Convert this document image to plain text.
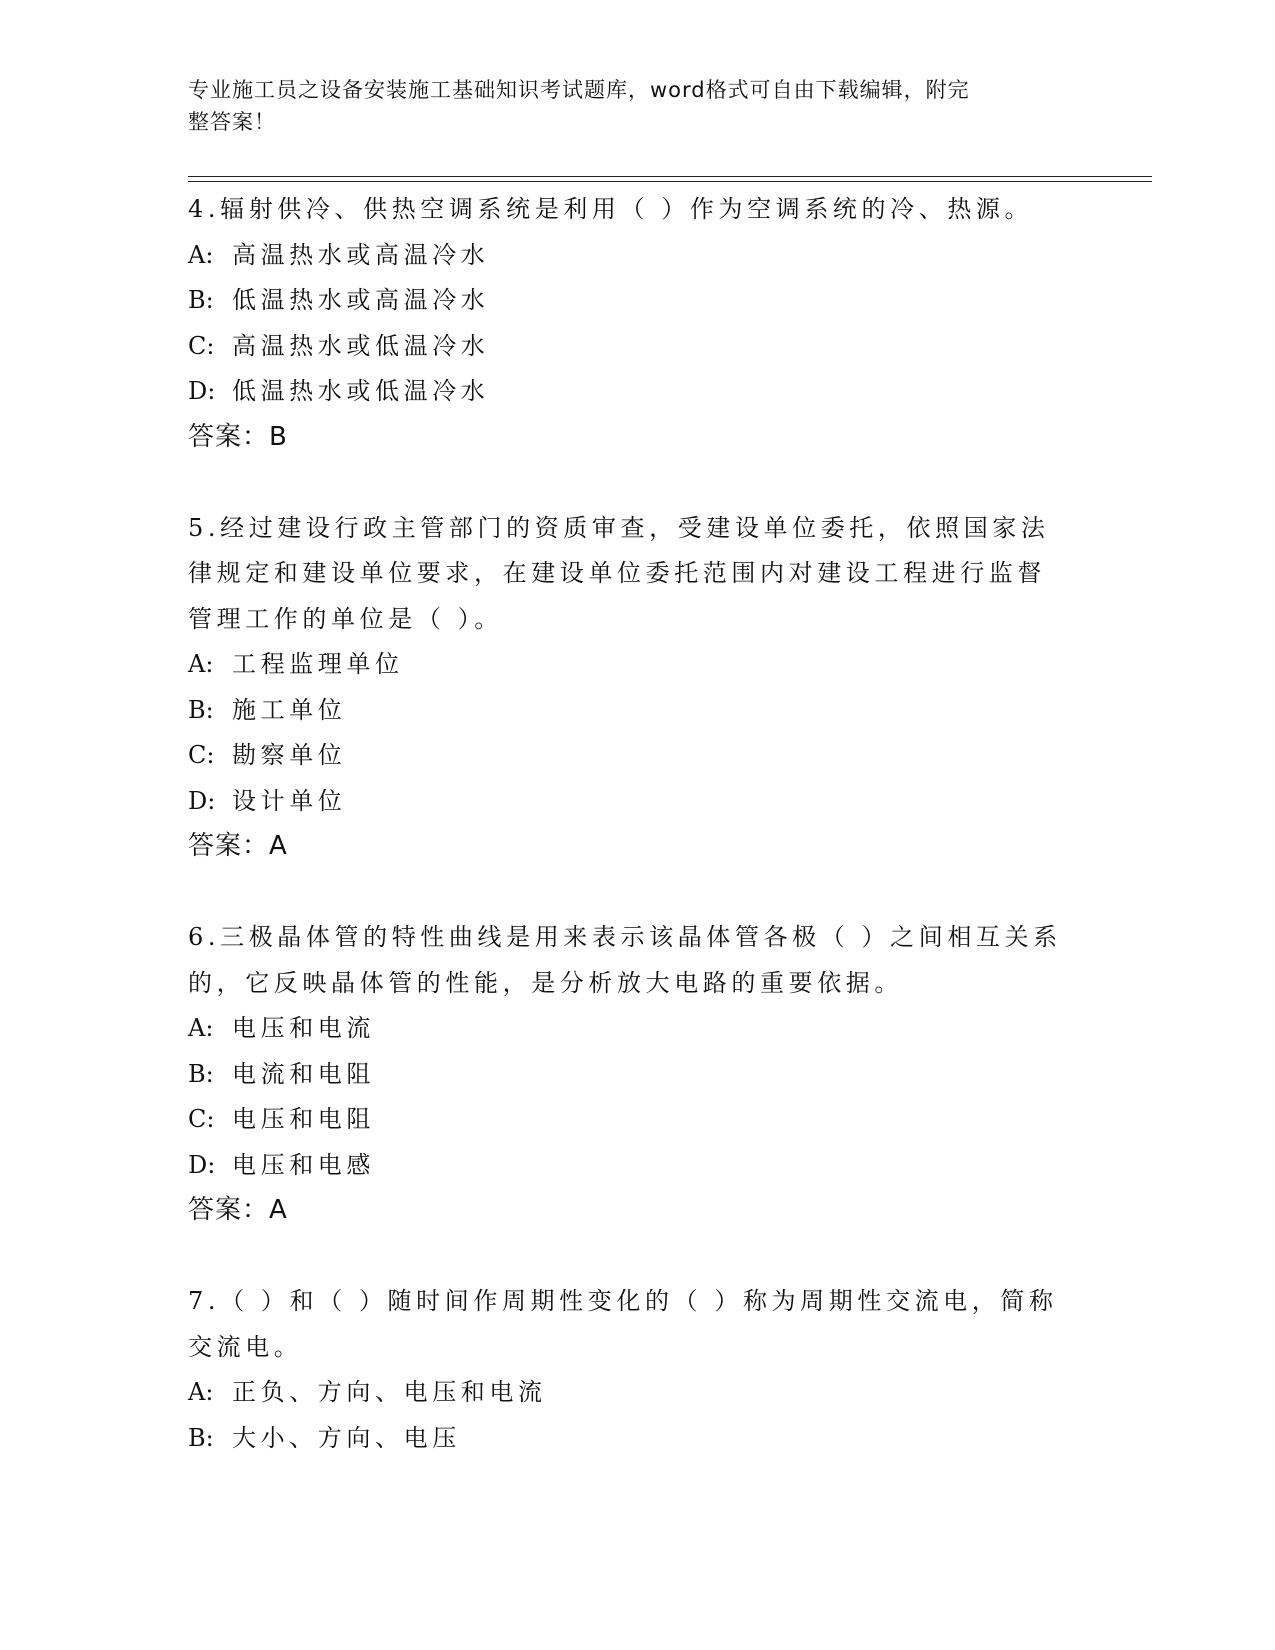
专业施工员之设备安装施工基础知识考试题库，word格式可自由下载编辑，附完
整答案！
4.辐射供冷、供热空调系统是利用（ ）作为空调系统的冷、热源。
A: 高温热水或高温冷水
B: 低温热水或高温冷水
C: 高温热水或低温冷水
D: 低温热水或低温冷水
答案：B
5.经过建设行政主管部门的资质审查，受建设单位委托，依照国家法
律规定和建设单位要求，在建设单位委托范围内对建设工程进行监督
管理工作的单位是（ ）。
A: 工程监理单位
B: 施工单位
C: 勘察单位
D: 设计单位
答案：A
6.三极晶体管的特性曲线是用来表示该晶体管各极（ ）之间相互关系
的，它反映晶体管的性能，是分析放大电路的重要依据。
A: 电压和电流
B: 电流和电阻
C: 电压和电阻
D: 电压和电感
答案：A
7.（ ）和（ ）随时间作周期性变化的（ ）称为周期性交流电，简称
交流电。
A: 正负、方向、电压和电流
B: 大小、方向、电压
